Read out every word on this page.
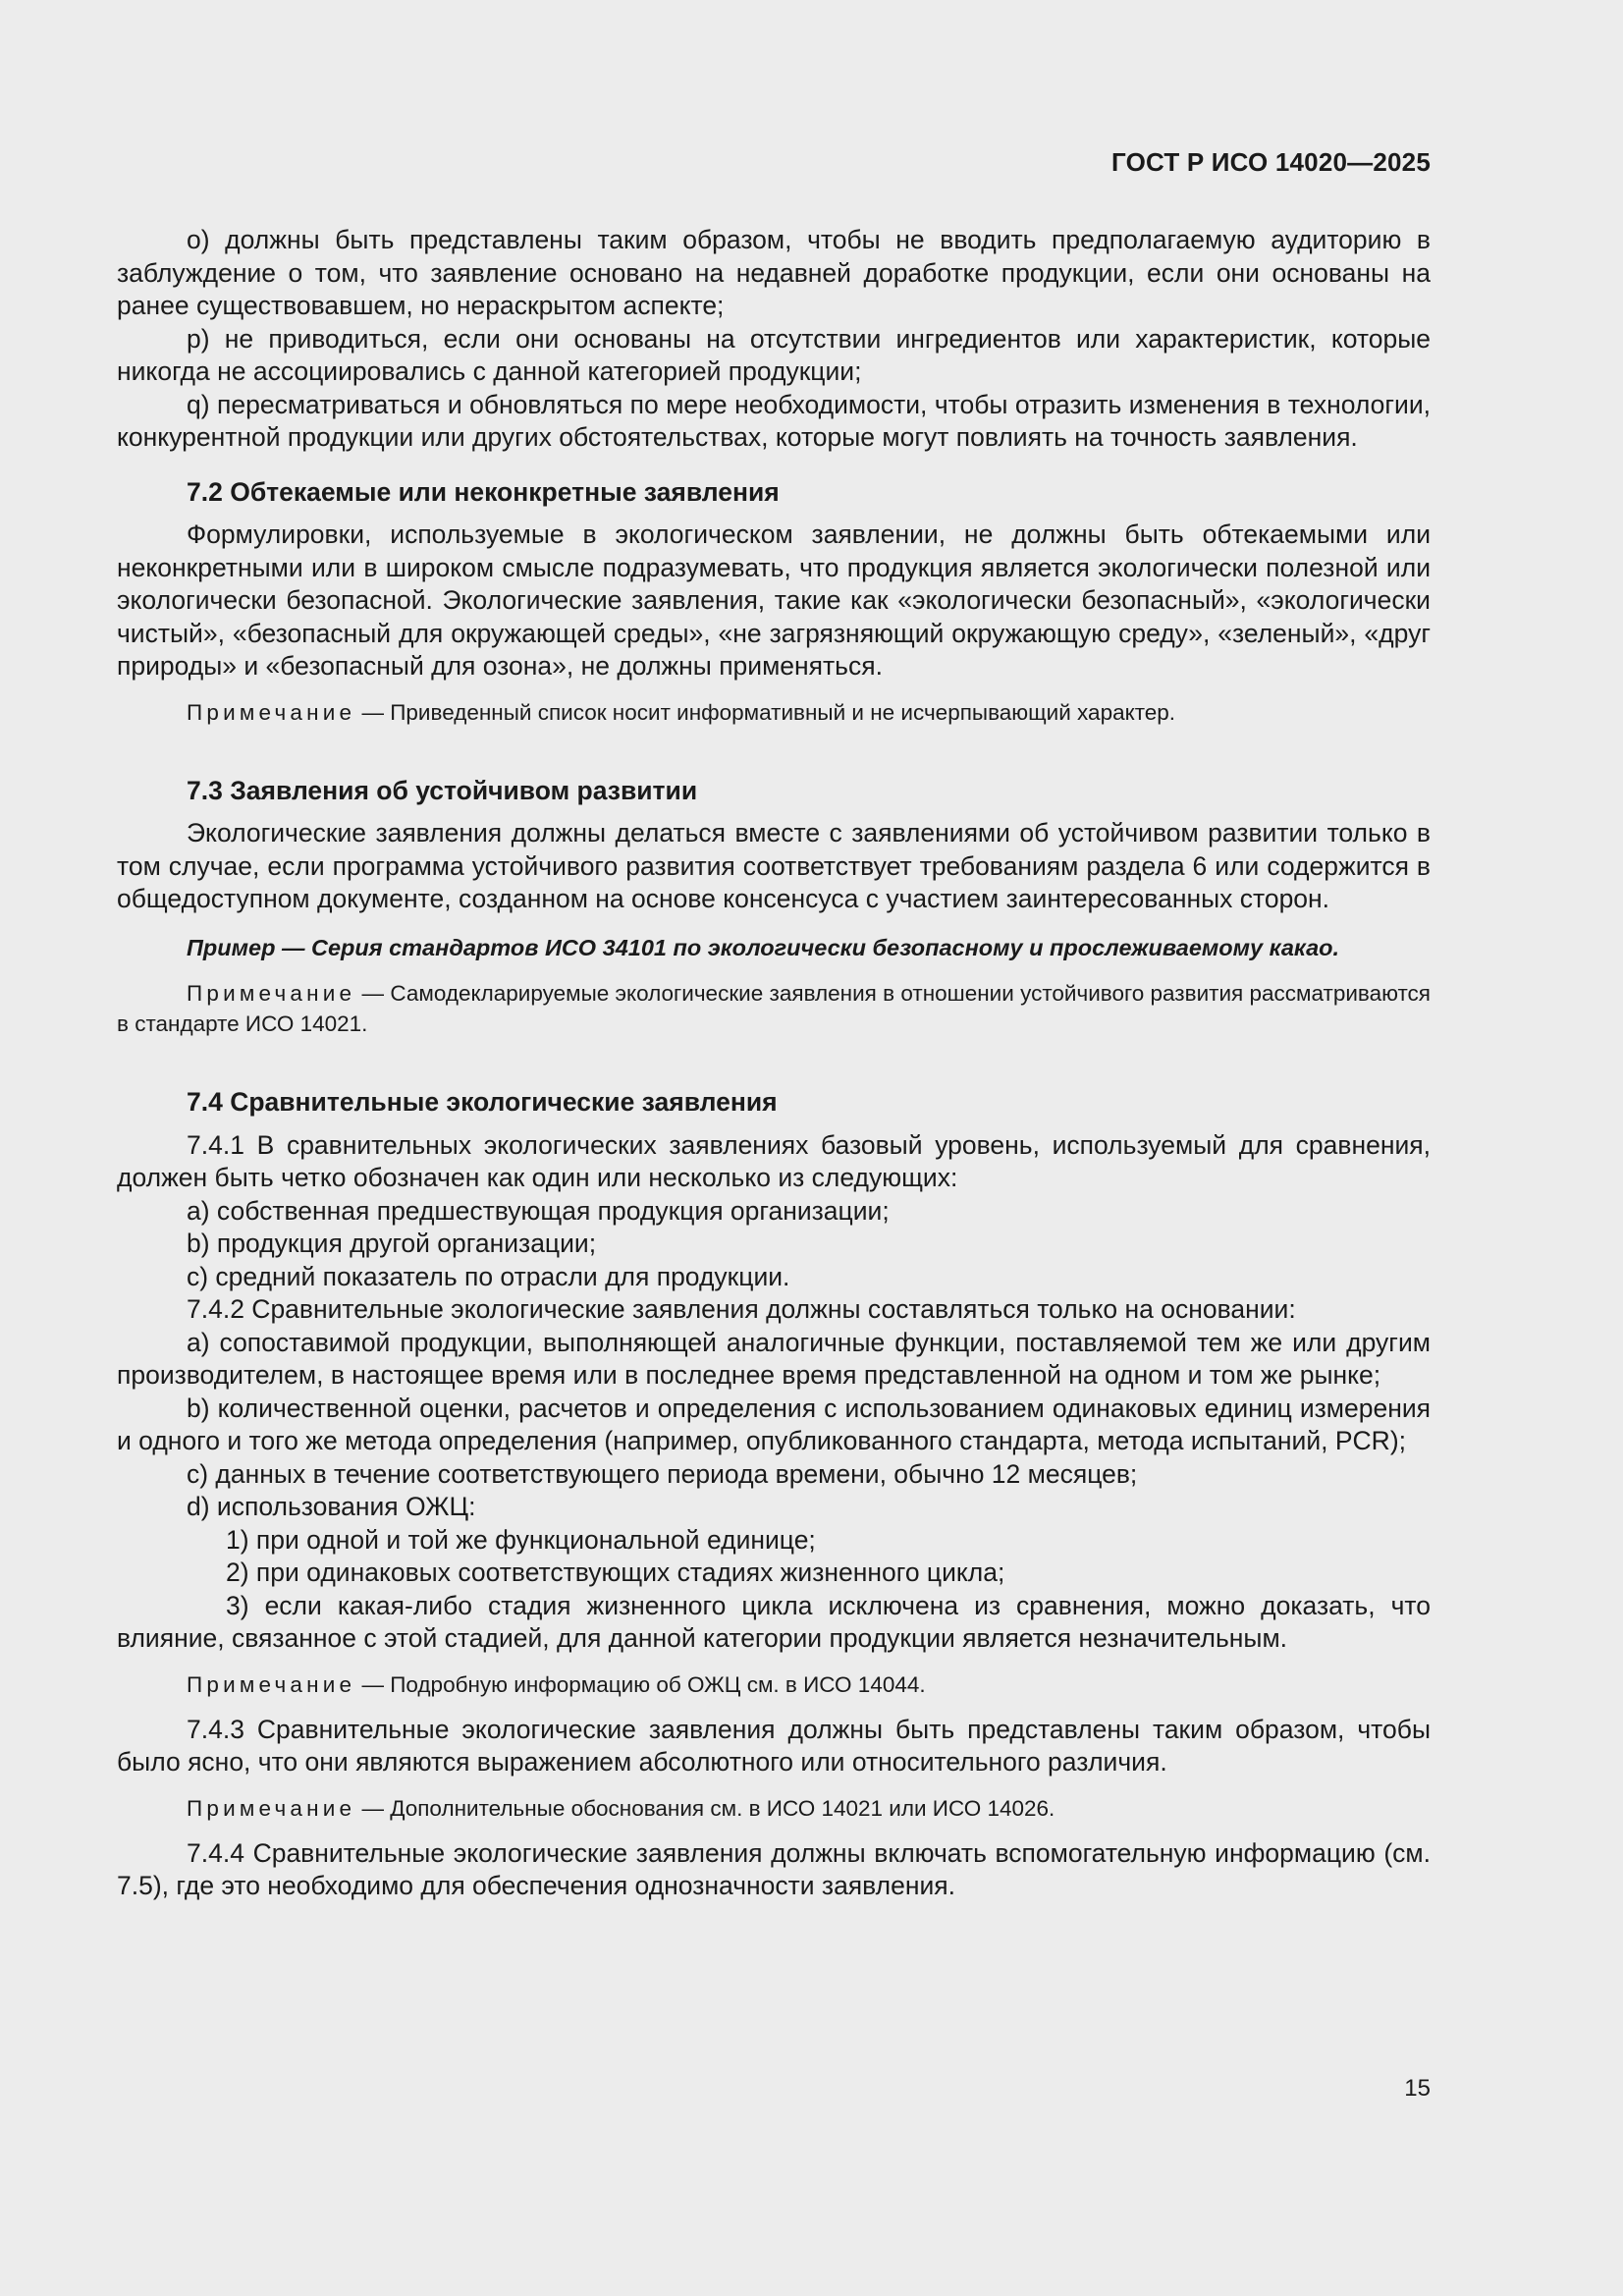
ГОСТ Р ИСО 14020—2025

o) должны быть представлены таким образом, чтобы не вводить предполагаемую аудиторию в заблуждение о том, что заявление основано на недавней доработке продукции, если они основаны на ранее существовавшем, но нераскрытом аспекте;

p) не приводиться, если они основаны на отсутствии ингредиентов или характеристик, которые никогда не ассоциировались с данной категорией продукции;

q) пересматриваться и обновляться по мере необходимости, чтобы отразить изменения в технологии, конкурентной продукции или других обстоятельствах, которые могут повлиять на точность заявления.

7.2 Обтекаемые или неконкретные заявления

Формулировки, используемые в экологическом заявлении, не должны быть обтекаемыми или неконкретными или в широком смысле подразумевать, что продукция является экологически полезной или экологически безопасной. Экологические заявления, такие как «экологически безопасный», «экологически чистый», «безопасный для окружающей среды», «не загрязняющий окружающую среду», «зеленый», «друг природы» и «безопасный для озона», не должны применяться.

Примечание — Приведенный список носит информативный и не исчерпывающий характер.

7.3 Заявления об устойчивом развитии

Экологические заявления должны делаться вместе с заявлениями об устойчивом развитии только в том случае, если программа устойчивого развития соответствует требованиям раздела 6 или содержится в общедоступном документе, созданном на основе консенсуса с участием заинтересованных сторон.

Пример — Серия стандартов ИСО 34101 по экологически безопасному и прослеживаемому какао.

Примечание — Самодекларируемые экологические заявления в отношении устойчивого развития рассматриваются в стандарте ИСО 14021.

7.4 Сравнительные экологические заявления

7.4.1 В сравнительных экологических заявлениях базовый уровень, используемый для сравнения, должен быть четко обозначен как один или несколько из следующих:

a) собственная предшествующая продукция организации;

b) продукция другой организации;

c) средний показатель по отрасли для продукции.

7.4.2 Сравнительные экологические заявления должны составляться только на основании:

a) сопоставимой продукции, выполняющей аналогичные функции, поставляемой тем же или другим производителем, в настоящее время или в последнее время представленной на одном и том же рынке;

b) количественной оценки, расчетов и определения с использованием одинаковых единиц измерения и одного и того же метода определения (например, опубликованного стандарта, метода испытаний, PCR);

c) данных в течение соответствующего периода времени, обычно 12 месяцев;

d) использования ОЖЦ:

1) при одной и той же функциональной единице;

2) при одинаковых соответствующих стадиях жизненного цикла;

3) если какая-либо стадия жизненного цикла исключена из сравнения, можно доказать, что влияние, связанное с этой стадией, для данной категории продукции является незначительным.

Примечание — Подробную информацию об ОЖЦ см. в ИСО 14044.

7.4.3 Сравнительные экологические заявления должны быть представлены таким образом, чтобы было ясно, что они являются выражением абсолютного или относительного различия.

Примечание — Дополнительные обоснования см. в ИСО 14021 или ИСО 14026.

7.4.4 Сравнительные экологические заявления должны включать вспомогательную информацию (см. 7.5), где это необходимо для обеспечения однозначности заявления.

15
